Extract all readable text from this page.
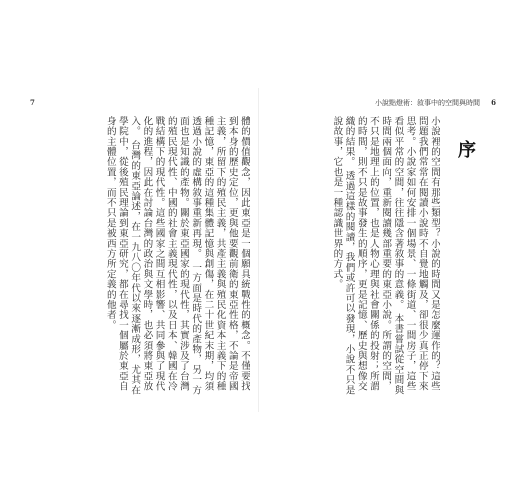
7
體的價值觀念，因此東亞是一個願具統戰性的概念。不僅要找到本身的歷史定位，更與他要觀前衛的東亞性格，不論是帝國主義，所留下的殖民主義，共產主義與殖民化資本主義下的種種記憶，東亞的這種集體記憶與創傷，在二十世紀末期，均須透過小說的虛構敘事重新再現。 一方面是時代的產物，另一方面也是知識的產物。關於東亞國家的現代性，其實涉及了台灣的殖民現代性、中國的社會主義現代性，以及日本、韓國在冷戰結構下的現代性。這些國家之間互相影響、共同參與了現代化的進程，因此在討論台灣的政治與文學時，也必須將東亞放入。 台灣的東亞論述，在一九八〇年代以來逐漸成形，尤其在學院中，從後殖民理論到東亞研究，都在尋找一個屬於東亞自身的主體位置，而不只是被西方所定義的他者。
小說點燈術：敘事中的空間與時間 6
序
小說裡的空間有那些類型？小說的時間又是怎麼運作的？這些問題我們常常在閱讀小說時不自覺地觸及，卻很少真正停下來思考。小說家如何安排一個場景、一條街道、一間房子，這些看似平常的空間，往往隱含著敘事的意義。 本書嘗試從空間與時間兩個面向，重新閱讀幾部重要的東亞小說。所謂的空間，不只是地理上的位置，也是人物心理與社會關係的投射；所謂的時間，則不只是故事發生的順序，更是記憶、歷史與想像交織的結果。 透過這樣的閱讀，我們或許可以發現，小說不只是說故事，它也是一種認識世界的方式。
